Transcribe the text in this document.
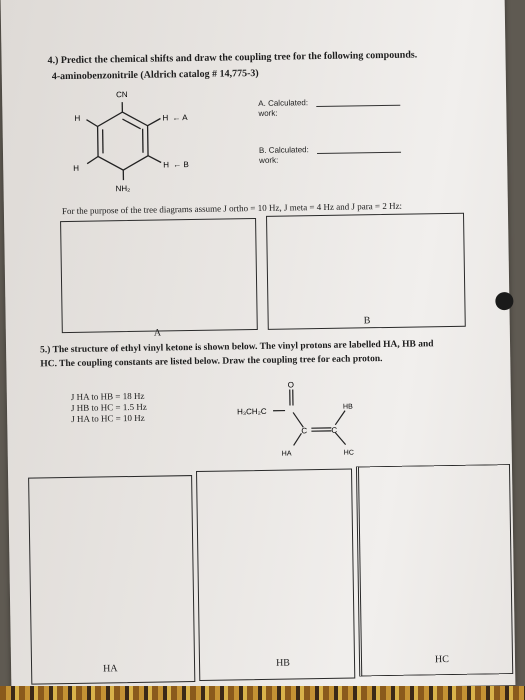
4.) Predict the chemical shifts and draw the coupling tree for the following compounds.
4-aminobenzonitrile (Aldrich catalog # 14,775-3)
CN
H
H
H ← A
H ← B
NH₂
A. Calculated:
work:
B. Calculated:
work:
For the purpose of the tree diagrams assume J ortho = 10 Hz, J meta = 4 Hz and J para = 2 Hz:
A
B
5.) The structure of ethyl vinyl ketone is shown below. The vinyl protons are labelled HA, HB and
HC. The coupling constants are listed below. Draw the coupling tree for each proton.
J HA to HB = 18 Hz
J HB to HC = 1.5 Hz
J HA to HC = 10 Hz
O
H₃CH₂C
C	C
HB
HA	HC
HA
HB	HC
